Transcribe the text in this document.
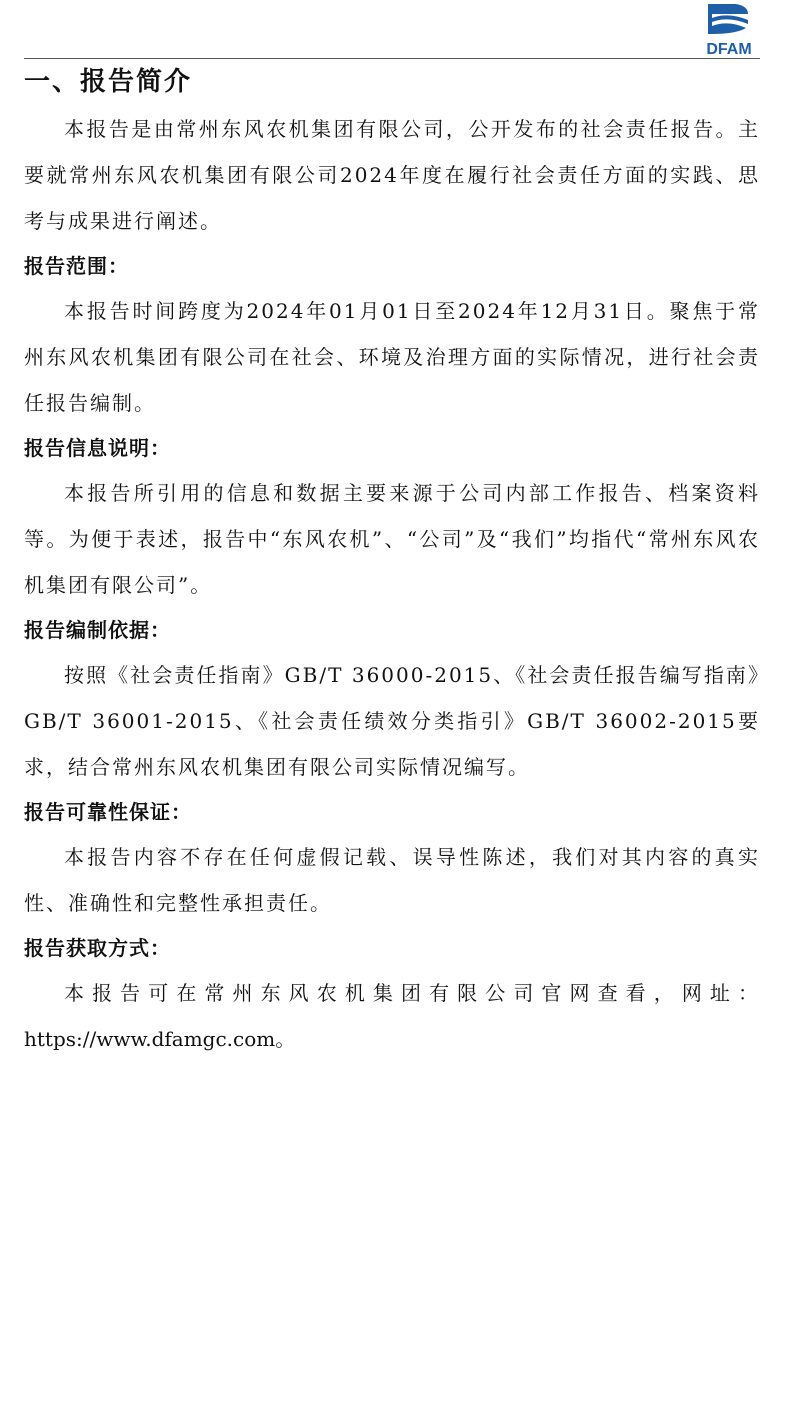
DFAM
一、报告简介

本报告是由常州东风农机集团有限公司，公开发布的社会责任报告。主要就常州东风农机集团有限公司2024年度在履行社会责任方面的实践、思考与成果进行阐述。

报告范围：

本报告时间跨度为2024年01月01日至2024年12月31日。聚焦于常州东风农机集团有限公司在社会、环境及治理方面的实际情况，进行社会责任报告编制。

报告信息说明：

本报告所引用的信息和数据主要来源于公司内部工作报告、档案资料等。为便于表述，报告中“东风农机”、“公司”及“我们”均指代“常州东风农机集团有限公司”。

报告编制依据：

按照《社会责任指南》GB/T 36000-2015、《社会责任报告编写指南》GB/T 36001-2015、《社会责任绩效分类指引》GB/T 36002-2015要求，结合常州东风农机集团有限公司实际情况编写。

报告可靠性保证：

本报告内容不存在任何虚假记载、误导性陈述，我们对其内容的真实性、准确性和完整性承担责任。

报告获取方式：

本报告可在常州东风农机集团有限公司官网查看，网址：https://www.dfamgc.com。
